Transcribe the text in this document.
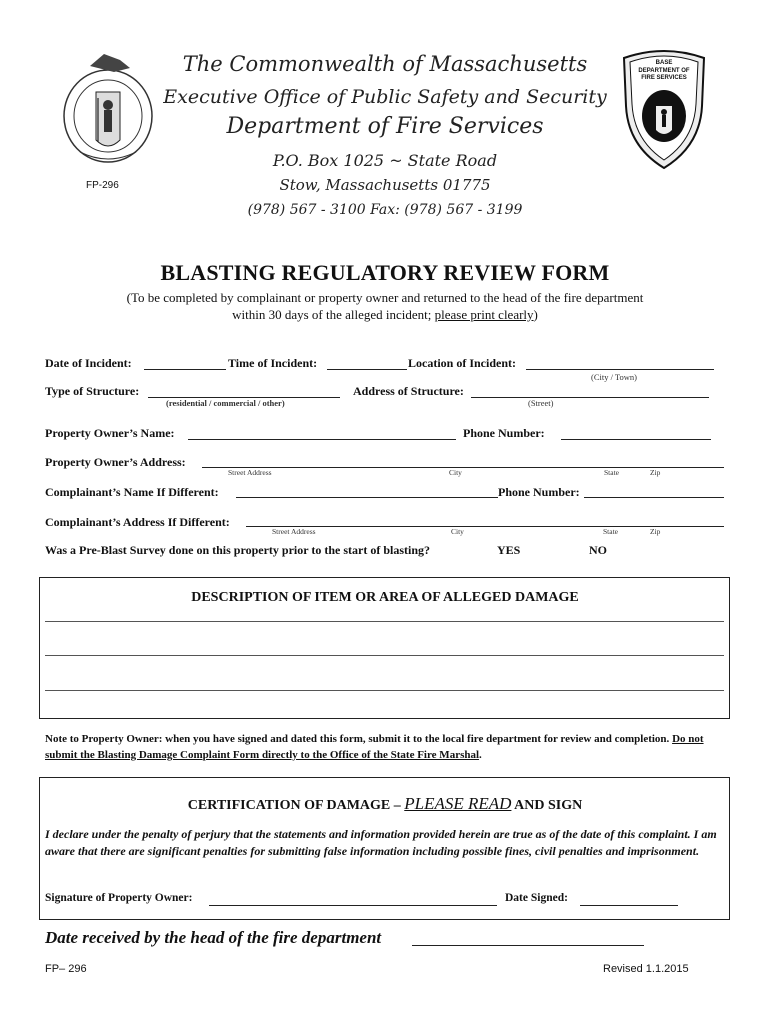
The Commonwealth of Massachusetts
Executive Office of Public Safety and Security
Department of Fire Services
P.O. Box 1025 ~ State Road
Stow, Massachusetts 01775
(978) 567 - 3100 Fax: (978) 567 - 3199
FP-296
BASE
DEPARTMENT OF FIRE SERVICES
BLASTING REGULATORY REVIEW FORM
(To be completed by complainant or property owner and returned to the head of the fire department
within 30 days of the alleged incident; please print clearly)
Date of Incident:	Time of Incident:	Location of Incident:
(City / Town)
Type of Structure:
(residential / commercial / other)
Address of Structure:
(Street)
Property Owner’s Name:	Phone Number:
Property Owner’s Address:
Street Address	City	State	Zip
Complainant’s Name If Different:	Phone Number:
Complainant’s Address If Different:
Street Address	City	State	Zip
Was a Pre-Blast Survey done on this property prior to the start of blasting?	YES	NO
DESCRIPTION OF ITEM OR AREA OF ALLEGED DAMAGE
Note to Property Owner: when you have signed and dated this form, submit it to the local fire department for review and completion. Do not submit the Blasting Damage Complaint Form directly to the Office of the State Fire Marshal.
CERTIFICATION OF DAMAGE – PLEASE READ AND SIGN
I declare under the penalty of perjury that the statements and information provided herein are true as of the date of this complaint. I am aware that there are significant penalties for submitting false information including possible fines, civil penalties and imprisonment.
Signature of Property Owner:	Date Signed:
Date received by the head of the fire department
FP– 296	Revised 1.1.2015
